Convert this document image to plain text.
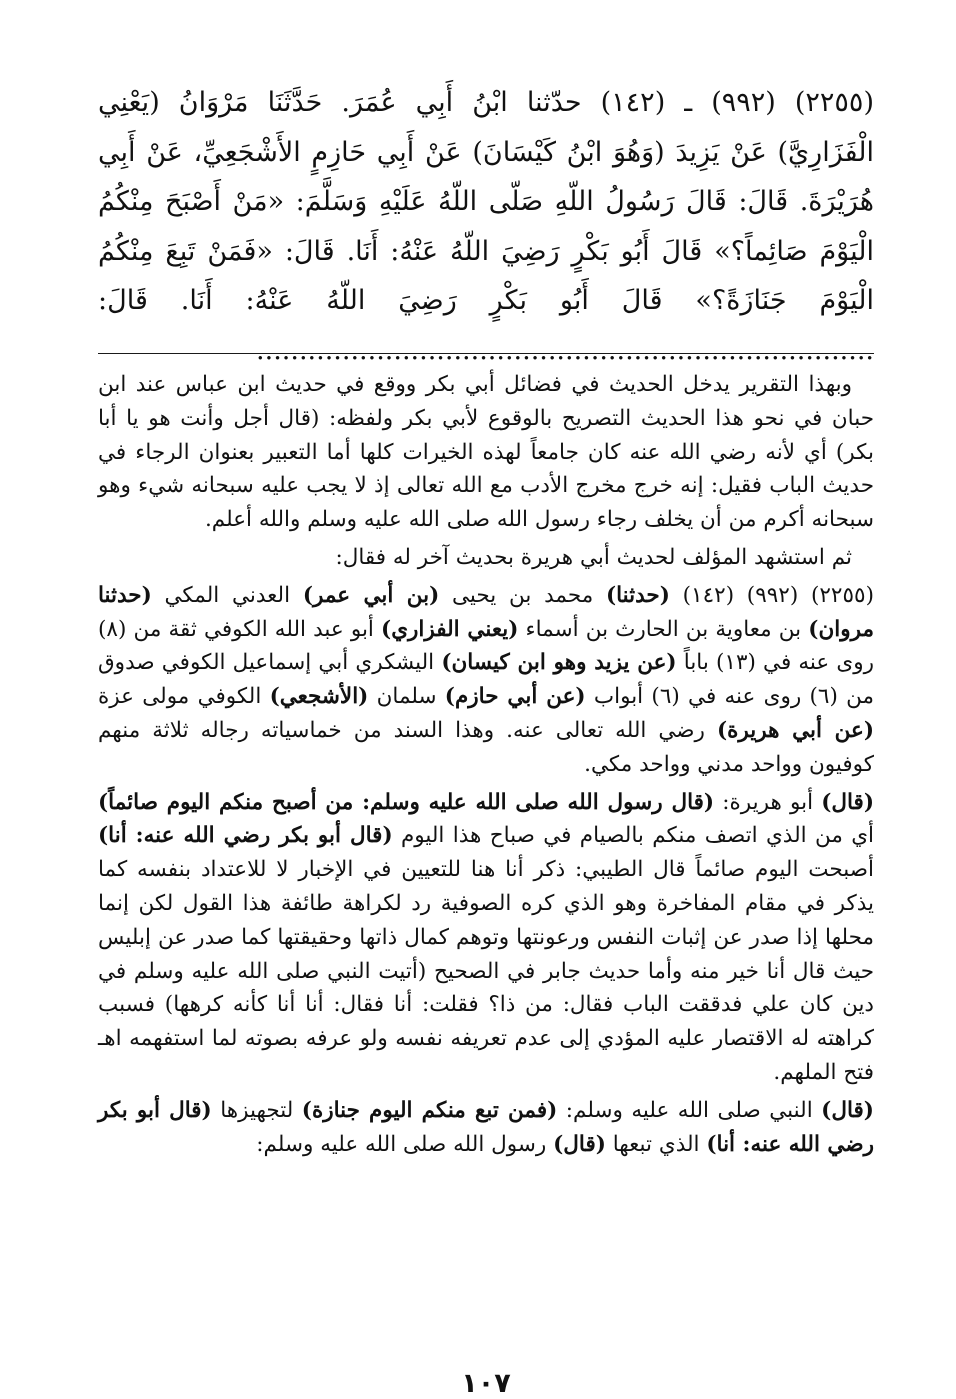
(٢٢٥٥) (٩٩٢) ـ (١٤٢) حدّثنا ابْنُ أَبِي عُمَرَ. حَدَّثَنَا مَرْوَانُ (يَعْنِي الْفَزَارِيَّ) عَنْ يَزِيدَ (وَهُوَ ابْنُ كَيْسَانَ) عَنْ أَبِي حَازِمٍ الأَشْجَعِيِّ، عَنْ أَبِي هُرَيْرَةَ. قَالَ: قَالَ رَسُولُ اللّهِ صَلّى اللّهُ عَلَيْهِ وَسَلَّمَ: «مَنْ أَصْبَحَ مِنْكُمُ الْيَوْمَ صَائِماً؟» قَالَ أَبُو بَكْرٍ رَضِيَ اللّهُ عَنْهُ: أَنَا. قَالَ: «فَمَنْ تَبِعَ مِنْكُمُ الْيَوْمَ جَنَازَةً؟» قَالَ أَبُو بَكْرٍ رَضِيَ اللّهُ عَنْهُ: أَنَا. قَالَ: ........................................................................

وبهذا التقرير يدخل الحديث في فضائل أبي بكر ووقع في حديث ابن عباس عند ابن حبان في نحو هذا الحديث التصريح بالوقوع لأبي بكر ولفظه: (قال أجل وأنت هو يا أبا بكر) أي لأنه رضي الله عنه كان جامعاً لهذه الخيرات كلها أما التعبير بعنوان الرجاء في حديث الباب فقيل: إنه خرج مخرج الأدب مع الله تعالى إذ لا يجب عليه سبحانه شيء وهو سبحانه أكرم من أن يخلف رجاء رسول الله صلى الله عليه وسلم والله أعلم.

ثم استشهد المؤلف لحديث أبي هريرة بحديث آخر له فقال:

(٢٢٥٥) (٩٩٢) (١٤٢) (حدثنا) محمد بن يحيى (بن أبي عمر) العدني المكي (حدثنا مروان) بن معاوية بن الحارث بن أسماء (يعني الفزاري) أبو عبد الله الكوفي ثقة من (٨) روى عنه في (١٣) باباً (عن يزيد وهو ابن كيسان) اليشكري أبي إسماعيل الكوفي صدوق من (٦) روى عنه في (٦) أبواب (عن أبي حازم) سلمان (الأشجعي) الكوفي مولى عزة (عن أبي هريرة) رضي الله تعالى عنه. وهذا السند من خماسياته رجاله ثلاثة منهم كوفيون وواحد مدني وواحد مكي.

(قال) أبو هريرة: (قال رسول الله صلى الله عليه وسلم: من أصبح منكم اليوم صائماً) أي من الذي اتصف منكم بالصيام في صباح هذا اليوم (قال أبو بكر رضي الله عنه: أنا) أصبحت اليوم صائماً قال الطيبي: ذكر أنا هنا للتعيين في الإخبار لا للاعتداد بنفسه كما يذكر في مقام المفاخرة وهو الذي كره الصوفية رد لكراهة طائفة هذا القول لكن إنما محلها إذا صدر عن إثبات النفس ورعونتها وتوهم كمال ذاتها وحقيقتها كما صدر عن إبليس حيث قال أنا خير منه وأما حديث جابر في الصحيح (أتيت النبي صلى الله عليه وسلم في دين كان علي فدققت الباب فقال: من ذا؟ فقلت: أنا فقال: أنا أنا كأنه كرهها) فسبب كراهته له الاقتصار عليه المؤدي إلى عدم تعريفه نفسه ولو عرفه بصوته لما استفهمه اهـ فتح الملهم.

(قال) النبي صلى الله عليه وسلم: (فمن تبع منكم اليوم جنازة) لتجهيزها (قال أبو بكر رضي الله عنه: أنا) الذي تبعها (قال) رسول الله صلى الله عليه وسلم:

١٠٧
